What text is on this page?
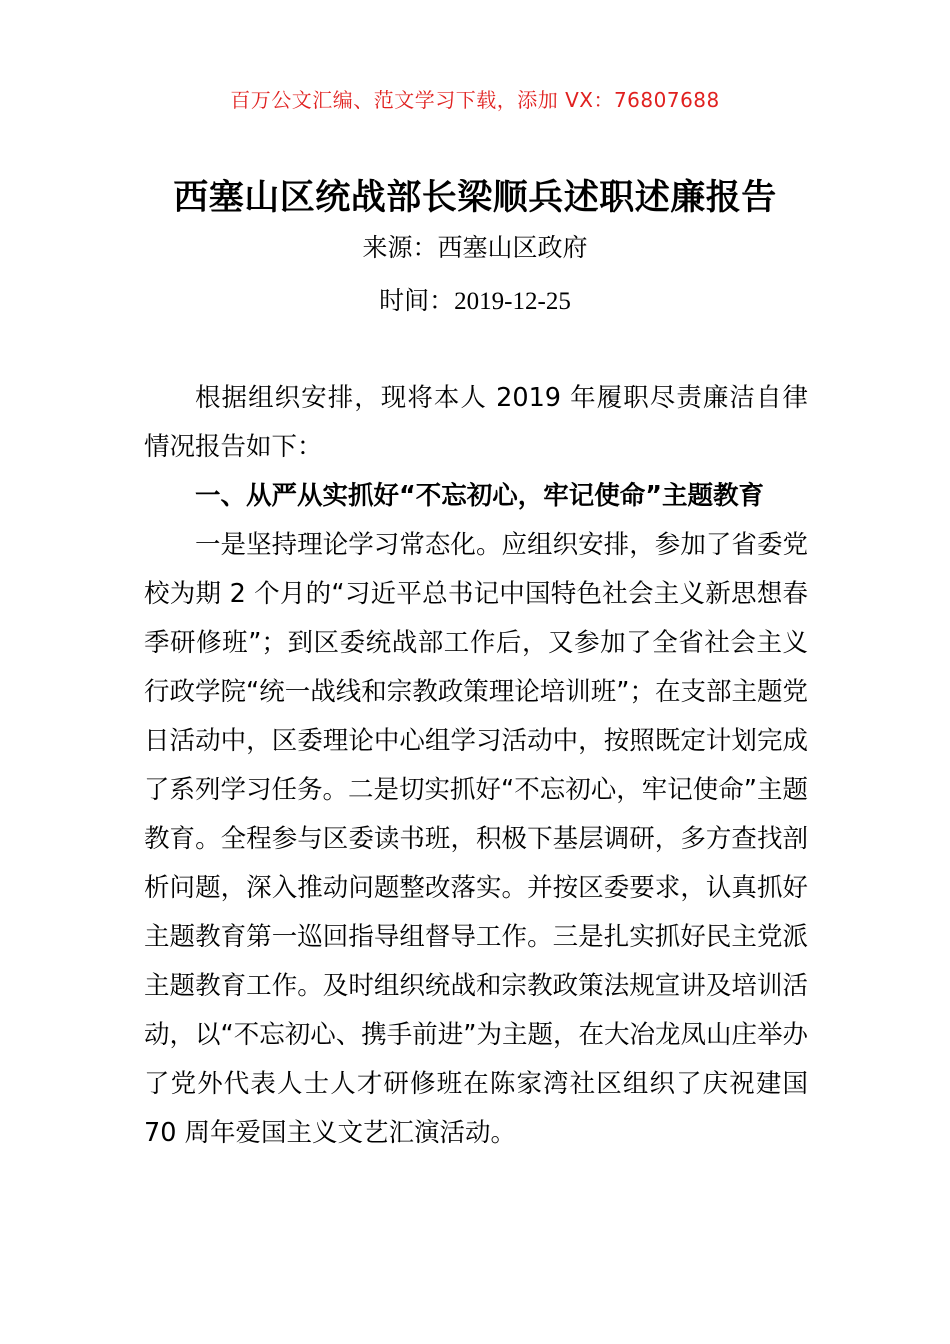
百万公文汇编、范文学习下载，添加 VX：76807688
西塞山区统战部长梁顺兵述职述廉报告
来源：西塞山区政府
时间：2019-12-25

根据组织安排，现将本人 2019 年履职尽责廉洁自律情况报告如下：

一、从严从实抓好“不忘初心，牢记使命”主题教育

一是坚持理论学习常态化。应组织安排，参加了省委党校为期 2 个月的“习近平总书记中国特色社会主义新思想春季研修班”；到区委统战部工作后，又参加了全省社会主义行政学院“统一战线和宗教政策理论培训班”；在支部主题党日活动中，区委理论中心组学习活动中，按照既定计划完成了系列学习任务。二是切实抓好“不忘初心，牢记使命”主题教育。全程参与区委读书班，积极下基层调研，多方查找剖析问题，深入推动问题整改落实。并按区委要求，认真抓好主题教育第一巡回指导组督导工作。三是扎实抓好民主党派主题教育工作。及时组织统战和宗教政策法规宣讲及培训活动，以“不忘初心、携手前进”为主题，在大冶龙凤山庄举办了党外代表人士人才研修班在陈家湾社区组织了庆祝建国 70 周年爱国主义文艺汇演活动。
